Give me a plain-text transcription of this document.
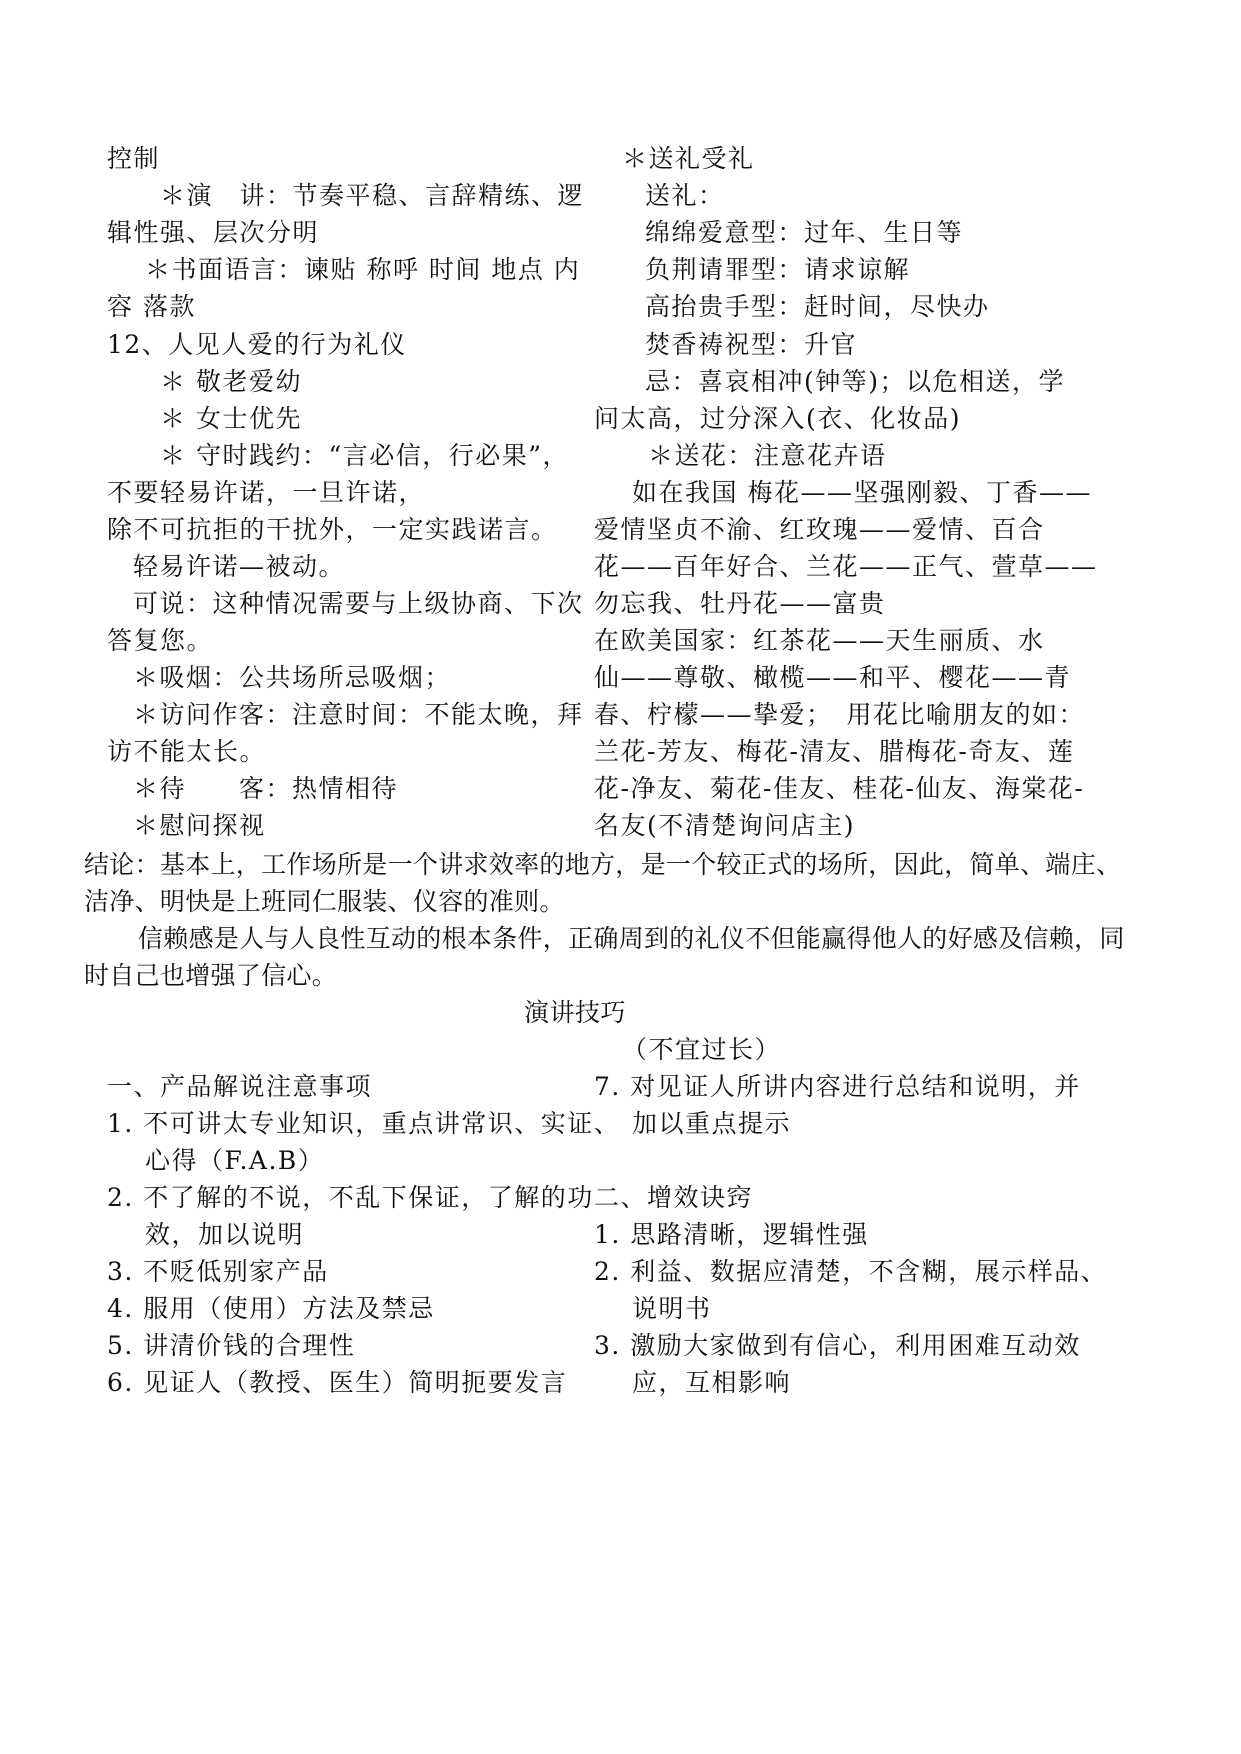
控制
＊演　讲：节奏平稳、言辞精练、逻
辑性强、层次分明
＊书面语言：谏贴 称呼 时间 地点 内
容 落款
12、人见人爱的行为礼仪
＊ 敬老爱幼
＊ 女士优先
＊ 守时践约：“言必信，行必果”，
不要轻易许诺，一旦许诺，
除不可抗拒的干扰外，一定实践诺言。
轻易许诺—被动。
可说：这种情况需要与上级协商、下次
答复您。
＊吸烟：公共场所忌吸烟；
＊访问作客：注意时间：不能太晚，拜
访不能太长。
＊待　　客：热情相待
＊慰问探视
＊送礼受礼
送礼：
绵绵爱意型：过年、生日等
负荆请罪型：请求谅解
高抬贵手型：赶时间，尽快办
焚香祷祝型：升官
忌：喜哀相冲(钟等)；以危相送，学
问太高，过分深入(衣、化妆品)
＊送花：注意花卉语
如在我国 梅花——坚强刚毅、丁香——
爱情坚贞不渝、红玫瑰——爱情、百合
花——百年好合、兰花——正气、萱草——
勿忘我、牡丹花——富贵
在欧美国家：红茶花——天生丽质、水
仙——尊敬、橄榄——和平、樱花——青
春、柠檬——挚爱；　用花比喻朋友的如：
兰花-芳友、梅花-清友、腊梅花-奇友、莲
花-净友、菊花-佳友、桂花-仙友、海棠花-
名友(不清楚询问店主)
结论：基本上，工作场所是一个讲求效率的地方，是一个较正式的场所，因此，简单、端庄、
洁净、明快是上班同仁服装、仪容的准则。
信赖感是人与人良性互动的根本条件，正确周到的礼仪不但能赢得他人的好感及信赖，同
时自己也增强了信心。
演讲技巧
（不宜过长）
一、产品解说注意事项
1. 不可讲太专业知识，重点讲常识、实证、
心得（F.A.B）
2. 不了解的不说，不乱下保证，了解的功
效，加以说明
3. 不贬低别家产品
4. 服用（使用）方法及禁忌
5. 讲清价钱的合理性
6. 见证人（教授、医生）简明扼要发言
7. 对见证人所讲内容进行总结和说明，并
加以重点提示
二、增效诀窍
1. 思路清晰，逻辑性强
2. 利益、数据应清楚，不含糊，展示样品、
说明书
3. 激励大家做到有信心，利用困难互动效
应，互相影响
